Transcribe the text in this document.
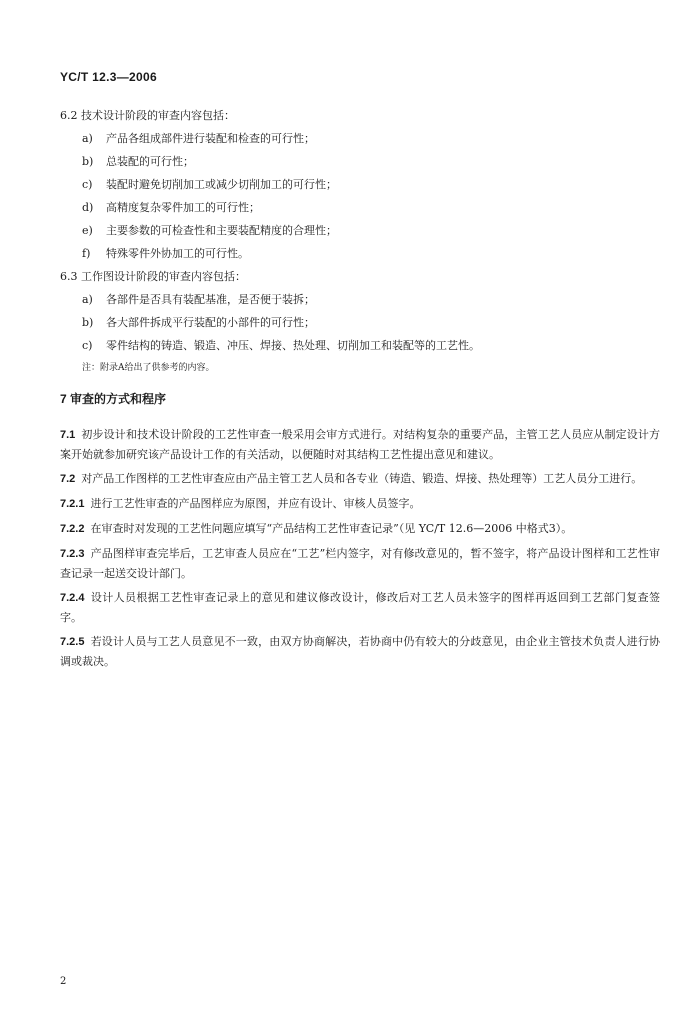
YC/T 12.3—2006
6.2 技术设计阶段的审查内容包括：
a) 产品各组成部件进行装配和检查的可行性；
b) 总装配的可行性；
c) 装配时避免切削加工或减少切削加工的可行性；
d) 高精度复杂零件加工的可行性；
e) 主要参数的可检查性和主要装配精度的合理性；
f) 特殊零件外协加工的可行性。
6.3 工作图设计阶段的审查内容包括：
a) 各部件是否具有装配基准，是否便于装拆；
b) 各大部件拆成平行装配的小部件的可行性；
c) 零件结构的铸造、锻造、冲压、焊接、热处理、切削加工和装配等的工艺性。
注：附录A给出了供参考的内容。
7 审查的方式和程序
7.1 初步设计和技术设计阶段的工艺性审查一般采用会审方式进行。对结构复杂的重要产品，主管工艺人员应从制定设计方案开始就参加研究该产品设计工作的有关活动，以便随时对其结构工艺性提出意见和建议。
7.2 对产品工作图样的工艺性审查应由产品主管工艺人员和各专业（铸造、锻造、焊接、热处理等）工艺人员分工进行。
7.2.1 进行工艺性审查的产品图样应为原图，并应有设计、审核人员签字。
7.2.2 在审查时对发现的工艺性问题应填写“产品结构工艺性审查记录”（见 YC/T 12.6—2006 中格式3）。
7.2.3 产品图样审查完毕后，工艺审查人员应在“工艺”栏内签字，对有修改意见的，暂不签字，将产品设计图样和工艺性审查记录一起送交设计部门。
7.2.4 设计人员根据工艺性审查记录上的意见和建议修改设计，修改后对工艺人员未签字的图样再返回到工艺部门复查签字。
7.2.5 若设计人员与工艺人员意见不一致，由双方协商解决，若协商中仍有较大的分歧意见，由企业主管技术负责人进行协调或裁决。
2
